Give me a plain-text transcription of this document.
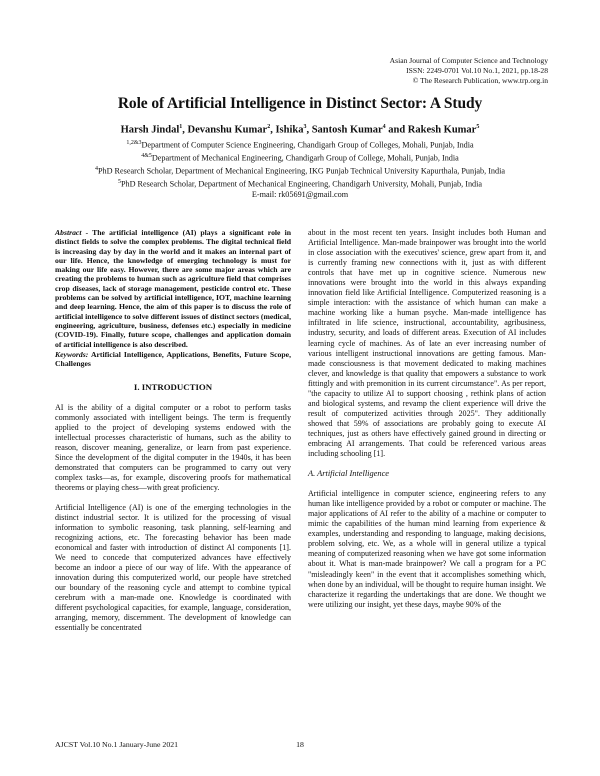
Asian Journal of Computer Science and Technology
ISSN: 2249-0701 Vol.10 No.1, 2021, pp.18-28
© The Research Publication, www.trp.org.in
Role of Artificial Intelligence in Distinct Sector: A Study
Harsh Jindal$^1$, Devanshu Kumar$^2$, Ishika$^3$, Santosh Kumar$^4$ and Rakesh Kumar$^5$
$^{1,2\&3}$Department of Computer Science Engineering, Chandigarh Group of Colleges, Mohali, Punjab, India
$^{4\&5}$Department of Mechanical Engineering, Chandigarh Group of College, Mohali, Punjab, India
$^4$PhD Research Scholar, Department of Mechanical Engineering, IKG Punjab Technical University Kapurthala, Punjab, India
$^5$PhD Research Scholar, Department of Mechanical Engineering, Chandigarh University, Mohali, Punjab, India
E-mail: rk05691@gmail.com

Abstract - The artificial intelligence (AI) plays a significant role in distinct fields to solve the complex problems. The digital technical field is increasing day by day in the world and it makes an internal part of our life. Hence, the knowledge of emerging technology is must for making our life easy. However, there are some major areas which are creating the problems to human such as agriculture field that comprises crop diseases, lack of storage management, pesticide control etc. These problems can be solved by artificial intelligence, IOT, machine learning and deep learning. Hence, the aim of this paper is to discuss the role of artificial intelligence to solve different issues of distinct sectors (medical, engineering, agriculture, business, defenses etc.) especially in medicine (COVID-19). Finally, future scope, challenges and application domain of artificial intelligence is also described.

Keywords: Artificial Intelligence, Applications, Benefits, Future Scope, Challenges

I. INTRODUCTION

AI is the ability of a digital computer or a robot to perform tasks commonly associated with intelligent beings. The term is frequently applied to the project of developing systems endowed with the intellectual processes characteristic of humans, such as the ability to reason, discover meaning, generalize, or learn from past experience. Since the development of the digital computer in the 1940s, it has been demonstrated that computers can be programmed to carry out very complex tasks—as, for example, discovering proofs for mathematical theorems or playing chess—with great proficiency.

Artificial Intelligence (AI) is one of the emerging technologies in the distinct industrial sector. It is utilized for the processing of visual information to symbolic reasoning, task planning, self-learning and recognizing actions, etc. The forecasting behavior has been made economical and faster with introduction of distinct Al components [1]. We need to concede that computerized advances have effectively become an indoor a piece of our way of life. With the appearance of innovation during this computerized world, our people have stretched our boundary of the reasoning cycle and attempt to combine typical cerebrum with a man-made one. Knowledge is coordinated with different psychological capacities, for example, language, consideration, arranging, memory, discernment. The development of knowledge can essentially be concentrated

about in the most recent ten years. Insight includes both Human and Artificial Intelligence. Man-made brainpower was brought into the world in close association with the executives' science, grew apart from it, and is currently framing new connections with it, just as with different controls that have met up in cognitive science. Numerous new innovations were brought into the world in this always expanding innovation field like Artificial Intelligence. Computerized reasoning is a simple interaction: with the assistance of which human can make a machine working like a human psyche. Man-made intelligence has infiltrated in life science, instructional, accountability, agribusiness, industry, security, and loads of different areas. Execution of AI includes learning cycle of machines. As of late an ever increasing number of various intelligent instructional innovations are getting famous. Man-made consciousness is that movement dedicated to making machines clever, and knowledge is that quality that empowers a substance to work fittingly and with premonition in its current circumstance". As per report, "the capacity to utilize AI to support choosing , rethink plans of action and biological systems, and revamp the client experience will drive the result of computerized activities through 2025". They additionally showed that 59% of associations are probably going to execute AI techniques, just as others have effectively gained ground in directing or embracing AI arrangements. That could be referenced various areas including schooling [1].

A. Artificial Intelligence

Artificial intelligence in computer science, engineering refers to any human like intelligence provided by a robot or computer or machine. The major applications of AI refer to the ability of a machine or computer to mimic the capabilities of the human mind learning from experience & examples, understanding and responding to language, making decisions, problem solving, etc. We, as a whole will in general utilize a typical meaning of computerized reasoning when we have got some information about it. What is man-made brainpower? We call a program for a PC "misleadingly keen" in the event that it accomplishes something which, when done by an individual, will be thought to require human insight. We characterize it regarding the undertakings that are done. We thought we were utilizing our insight, yet these days, maybe 90% of the

AJCST Vol.10 No.1 January-June 2021	18
